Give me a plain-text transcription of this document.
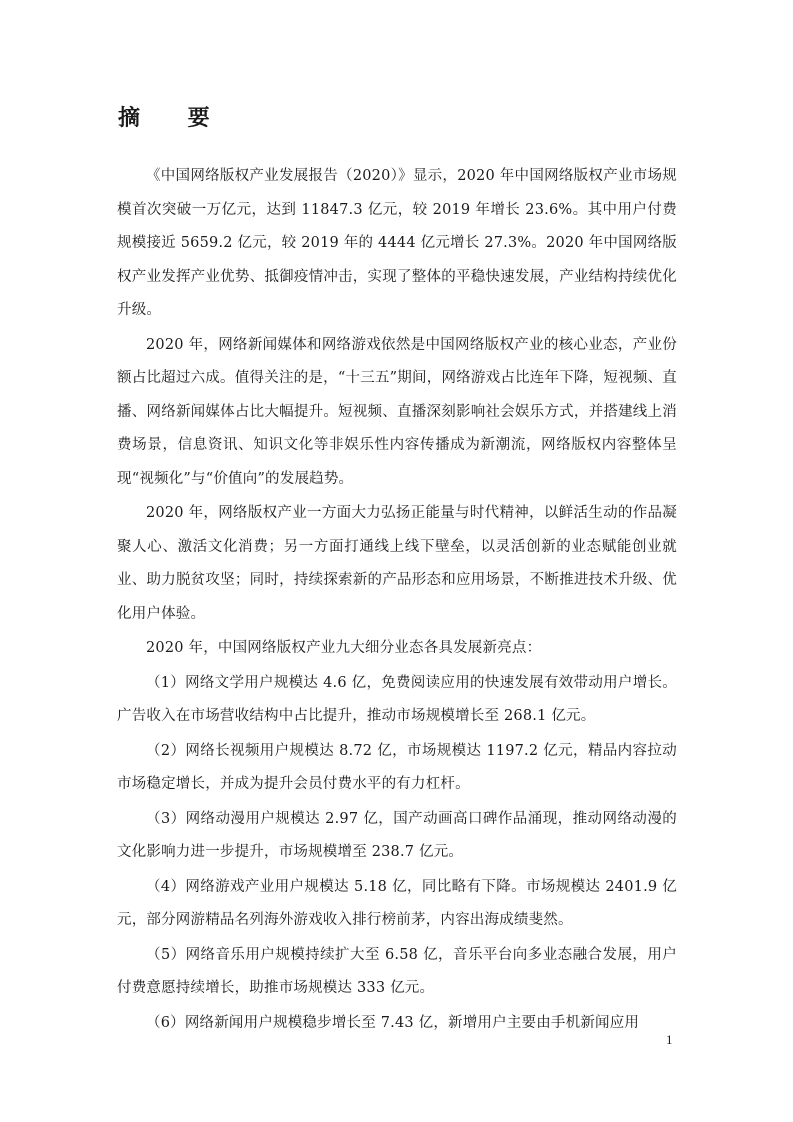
摘 要

《中国网络版权产业发展报告（2020）》显示，2020 年中国网络版权产业市场规模首次突破一万亿元，达到 11847.3 亿元，较 2019 年增长 23.6%。其中用户付费规模接近 5659.2 亿元，较 2019 年的 4444 亿元增长 27.3%。2020 年中国网络版权产业发挥产业优势、抵御疫情冲击，实现了整体的平稳快速发展，产业结构持续优化升级。

2020 年，网络新闻媒体和网络游戏依然是中国网络版权产业的核心业态，产业份额占比超过六成。值得关注的是，“十三五”期间，网络游戏占比连年下降，短视频、直播、网络新闻媒体占比大幅提升。短视频、直播深刻影响社会娱乐方式，并搭建线上消费场景，信息资讯、知识文化等非娱乐性内容传播成为新潮流，网络版权内容整体呈现“视频化”与“价值向”的发展趋势。

2020 年，网络版权产业一方面大力弘扬正能量与时代精神，以鲜活生动的作品凝聚人心、激活文化消费；另一方面打通线上线下壁垒，以灵活创新的业态赋能创业就业、助力脱贫攻坚；同时，持续探索新的产品形态和应用场景，不断推进技术升级、优化用户体验。

2020 年，中国网络版权产业九大细分业态各具发展新亮点：

（1）网络文学用户规模达 4.6 亿，免费阅读应用的快速发展有效带动用户增长。广告收入在市场营收结构中占比提升，推动市场规模增长至 268.1 亿元。

（2）网络长视频用户规模达 8.72 亿，市场规模达 1197.2 亿元，精品内容拉动市场稳定增长，并成为提升会员付费水平的有力杠杆。

（3）网络动漫用户规模达 2.97 亿，国产动画高口碑作品涌现，推动网络动漫的文化影响力进一步提升，市场规模增至 238.7 亿元。

（4）网络游戏产业用户规模达 5.18 亿，同比略有下降。市场规模达 2401.9 亿元，部分网游精品名列海外游戏收入排行榜前茅，内容出海成绩斐然。

（5）网络音乐用户规模持续扩大至 6.58 亿，音乐平台向多业态融合发展，用户付费意愿持续增长，助推市场规模达 333 亿元。

（6）网络新闻用户规模稳步增长至 7.43 亿，新增用户主要由手机新闻应用

1
